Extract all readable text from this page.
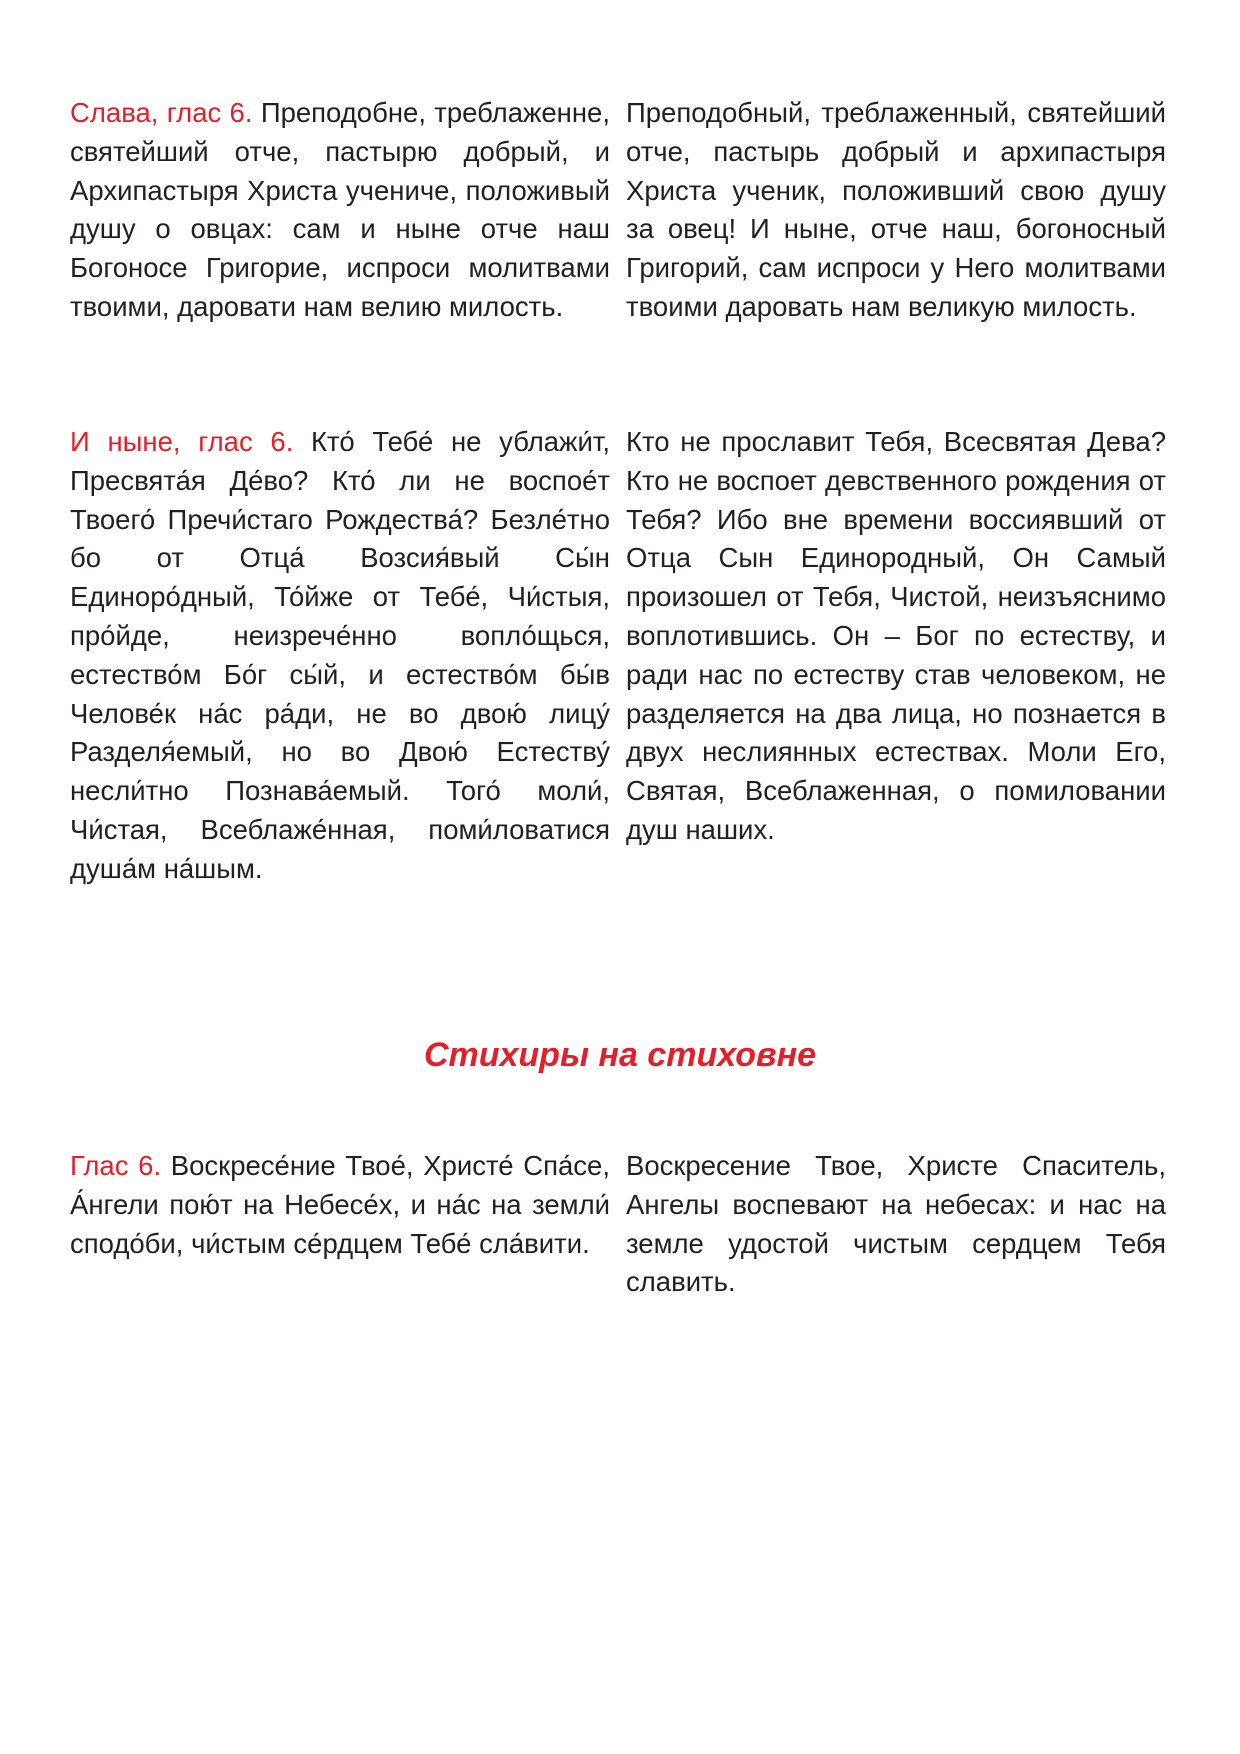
Слава, глас 6. Преподобне, треблаженне, святейший отче, пастырю добрый, и Архипастыря Христа учениче, положивый душу о овцах: сам и ныне отче наш Богоносе Григорие, испроси молитвами твоими, даровати нам велию милость.
Преподобный, треблаженный, святейший отче, пастырь добрый и архипастыря Христа ученик, положивший свою душу за овец! И ныне, отче наш, богоносный Григорий, сам испроси у Него молитвами твоими даровать нам великую милость.
И ныне, глас 6. Кто́ Тебе́ не ублажи́т, Пресвята́я Де́во? Кто́ ли не воспое́т Твоего́ Пречи́стаго Рождества́? Безле́тно бо от Отца́ Возсия́вый Сы́н Единоро́дный, То́йже от Тебе́, Чи́стыя, про́йде, неизрече́нно вопло́щься, естество́м Бо́г сы́й, и естество́м бы́в Челове́к на́с ра́ди, не во двою́ лицу́ Разделя́емый, но во Двою́ Естеству́ несли́тно Познава́емый. Того́ моли́, Чи́стая, Всеблаже́нная, поми́ловатися душа́м на́шым.
Кто не прославит Тебя, Всесвятая Дева? Кто не воспоет девственного рождения от Тебя? Ибо вне времени воссиявший от Отца Сын Единородный, Он Самый произошел от Тебя, Чистой, неизъяснимо воплотившись. Он – Бог по естеству, и ради нас по естеству став человеком, не разделяется на два лица, но познается в двух неслиянных естествах. Моли Его, Святая, Всеблаженная, о помиловании душ наших.
Стихиры на стиховне
Глас 6. Воскресе́ние Твое́, Христе́ Спа́се, А́нгели пою́т на Небесе́х, и на́с на земли́ сподо́би, чи́стым се́рдцем Тебе́ сла́вити.
Воскресение Твое, Христе Спаситель, Ангелы воспевают на небесах: и нас на земле удостой чистым сердцем Тебя славить.
